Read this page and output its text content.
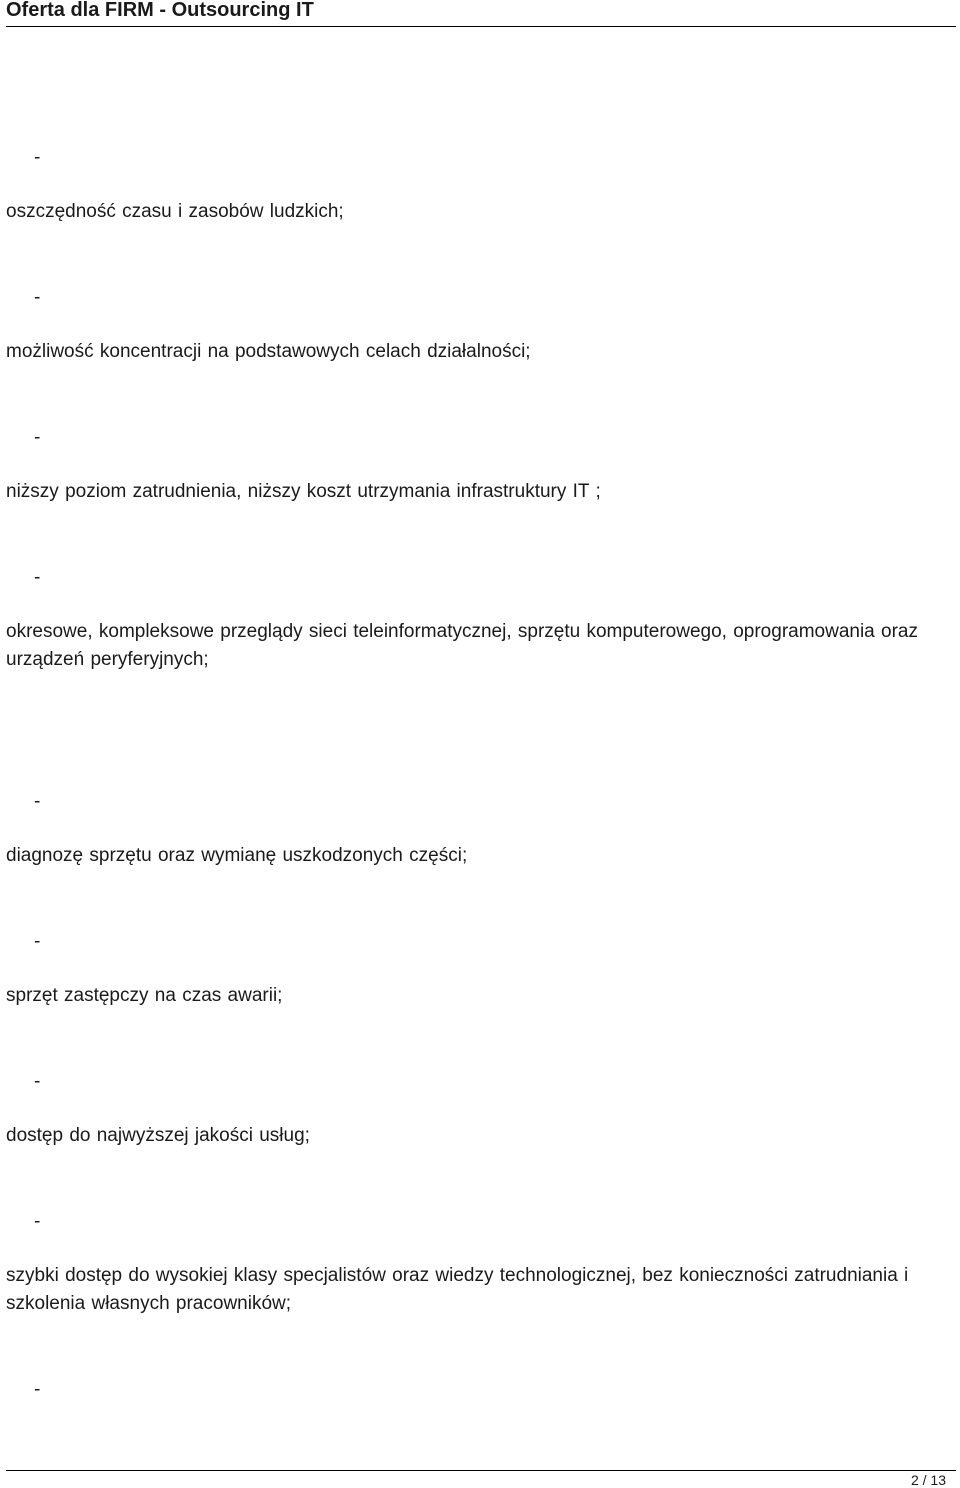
Oferta dla FIRM - Outsourcing IT
-

oszczędność czasu i zasobów ludzkich;

-

możliwość koncentracji na podstawowych celach działalności;

-

niższy poziom zatrudnienia, niższy koszt utrzymania infrastruktury IT ;

-

okresowe, kompleksowe przeglądy sieci teleinformatycznej, sprzętu komputerowego, oprogramowania oraz urządzeń peryferyjnych;

-

diagnozę sprzętu oraz wymianę uszkodzonych części;

-

sprzęt zastępczy na czas awarii;

-

dostęp do najwyższej jakości usług;

-

szybki dostęp do wysokiej klasy specjalistów oraz wiedzy technologicznej, bez konieczności zatrudniania i szkolenia własnych pracowników;

-
2 / 13
